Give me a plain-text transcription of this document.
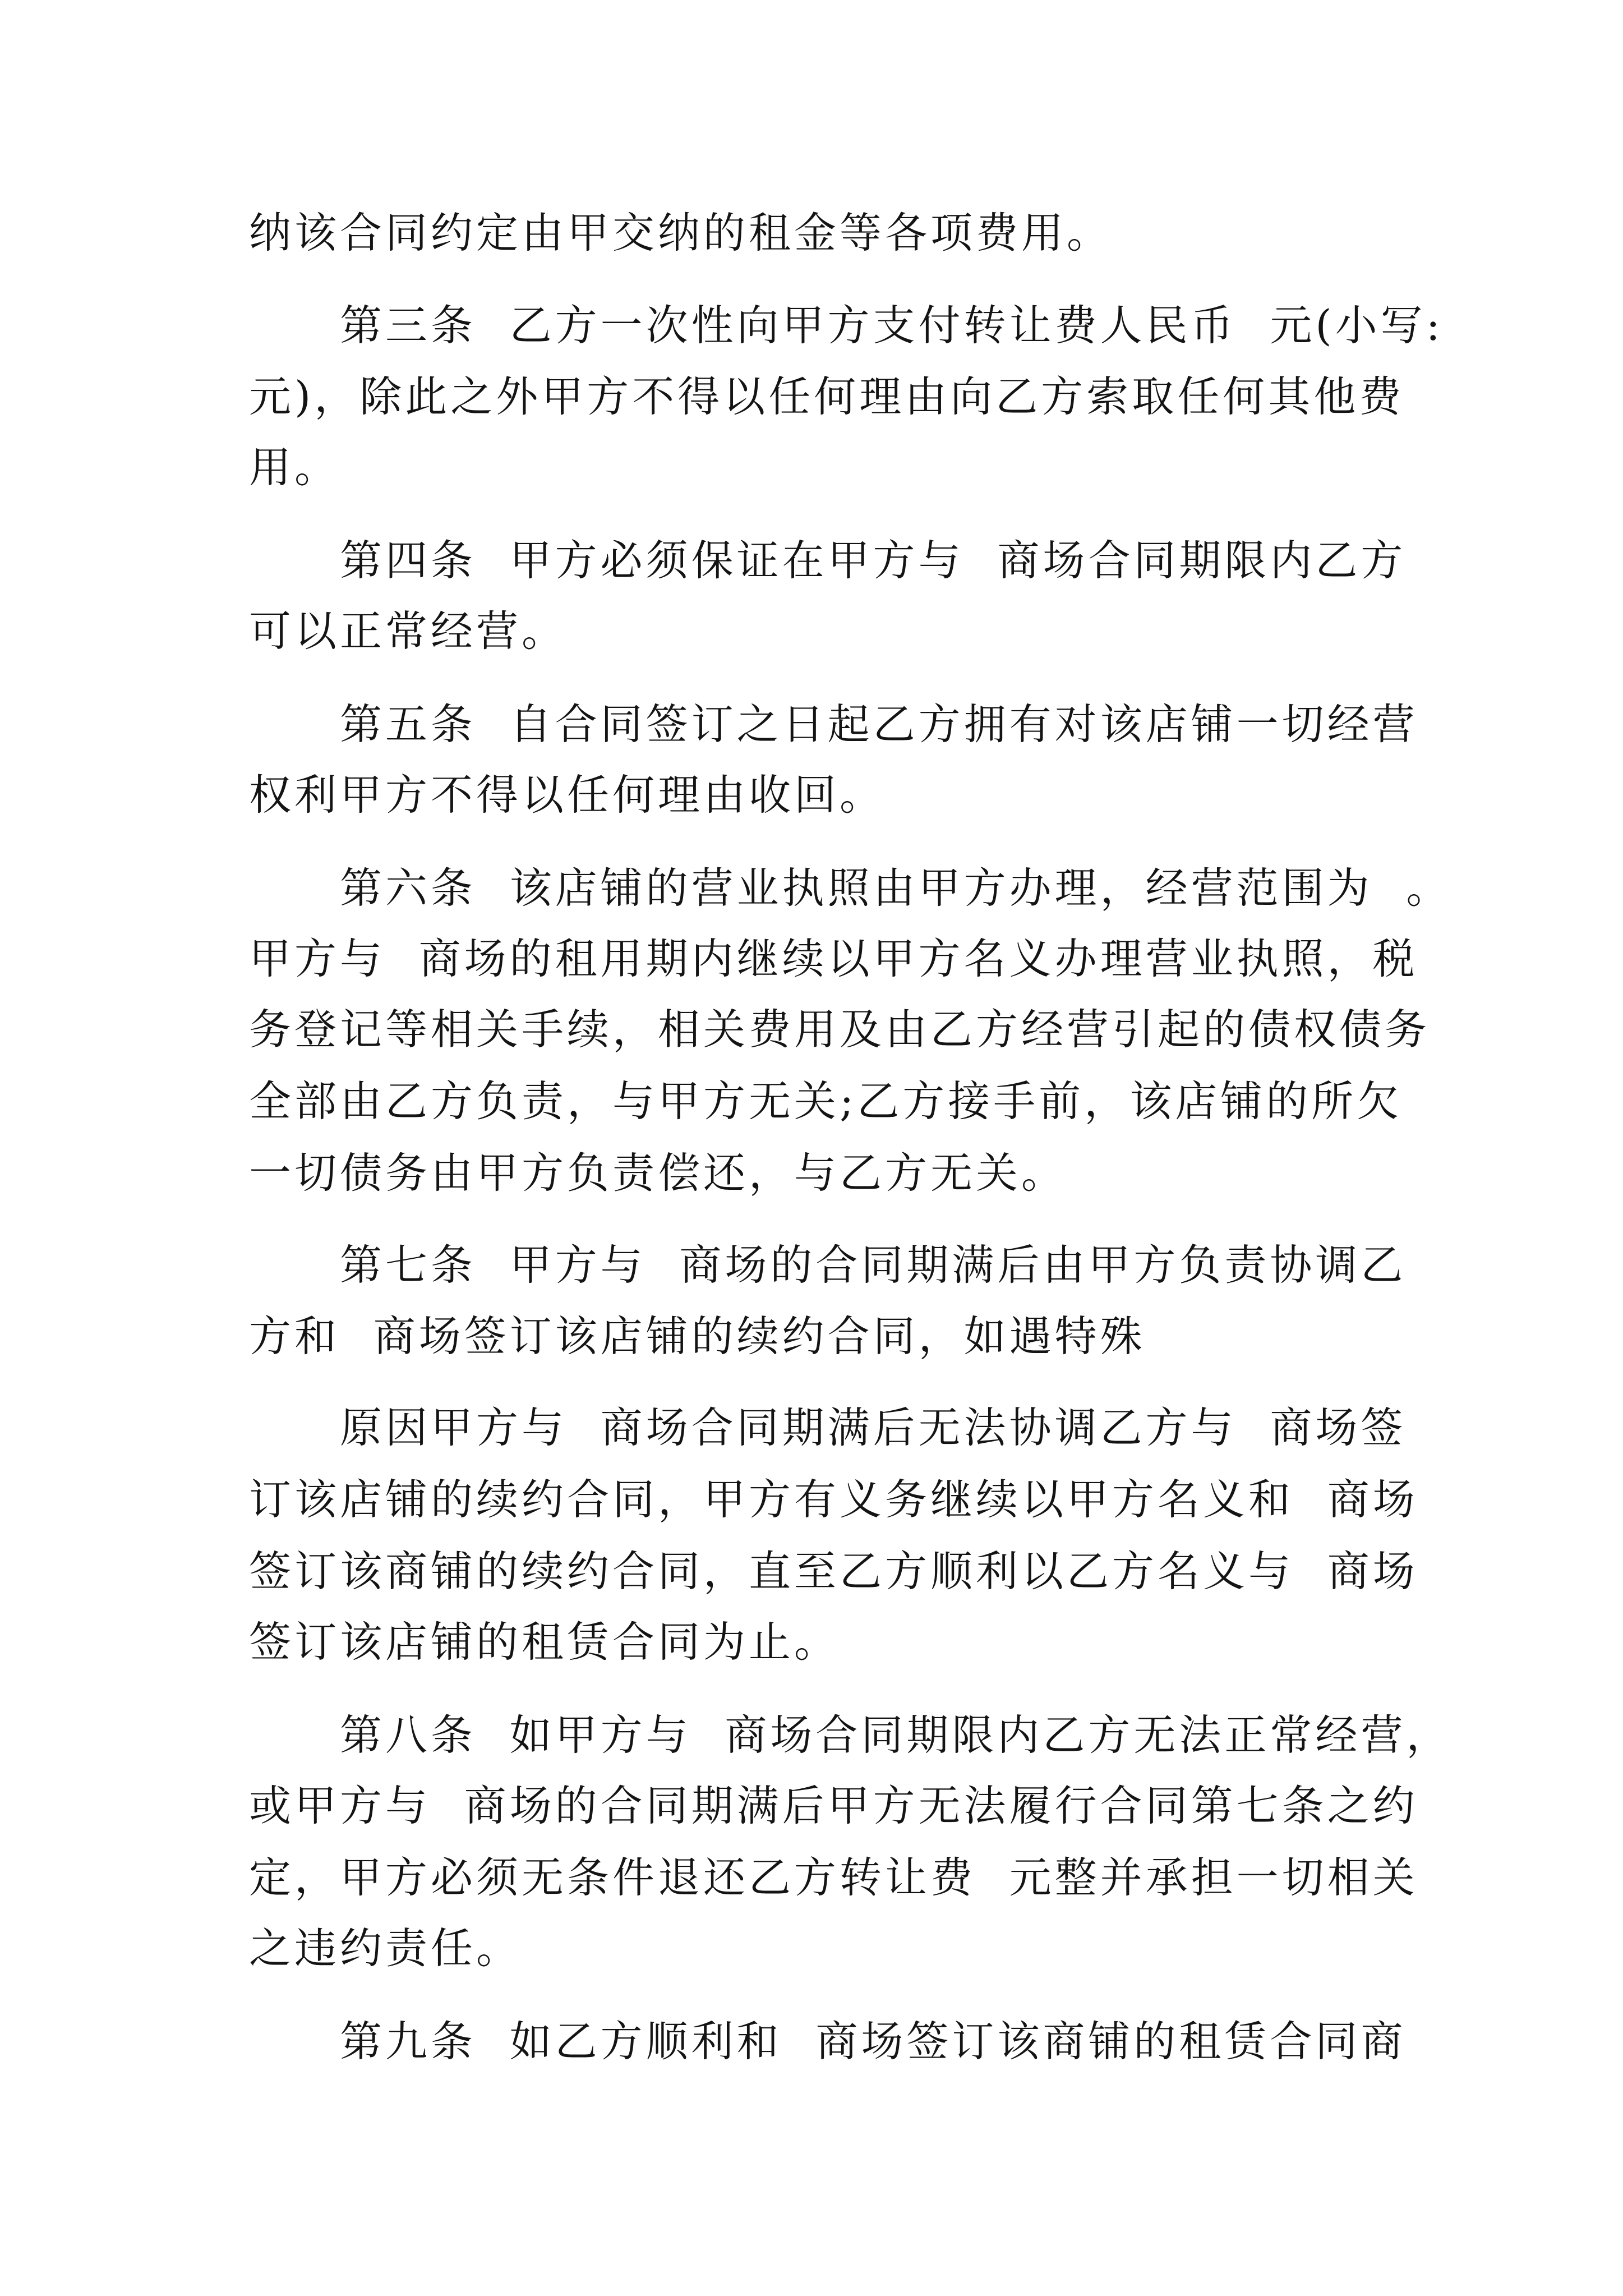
纳该合同约定由甲交纳的租金等各项费用。
第三条  乙方一次性向甲方支付转让费人民币  元(小写:
元)，除此之外甲方不得以任何理由向乙方索取任何其他费
用。
第四条  甲方必须保证在甲方与  商场合同期限内乙方
可以正常经营。
第五条  自合同签订之日起乙方拥有对该店铺一切经营
权利甲方不得以任何理由收回。
第六条  该店铺的营业执照由甲方办理，经营范围为  。
甲方与  商场的租用期内继续以甲方名义办理营业执照，税
务登记等相关手续，相关费用及由乙方经营引起的债权债务
全部由乙方负责，与甲方无关;乙方接手前，该店铺的所欠
一切债务由甲方负责偿还，与乙方无关。
第七条  甲方与  商场的合同期满后由甲方负责协调乙
方和  商场签订该店铺的续约合同，如遇特殊
原因甲方与  商场合同期满后无法协调乙方与  商场签
订该店铺的续约合同，甲方有义务继续以甲方名义和  商场
签订该商铺的续约合同，直至乙方顺利以乙方名义与  商场
签订该店铺的租赁合同为止。
第八条  如甲方与  商场合同期限内乙方无法正常经营，
或甲方与  商场的合同期满后甲方无法履行合同第七条之约
定，甲方必须无条件退还乙方转让费  元整并承担一切相关
之违约责任。
第九条  如乙方顺利和  商场签订该商铺的租赁合同商
